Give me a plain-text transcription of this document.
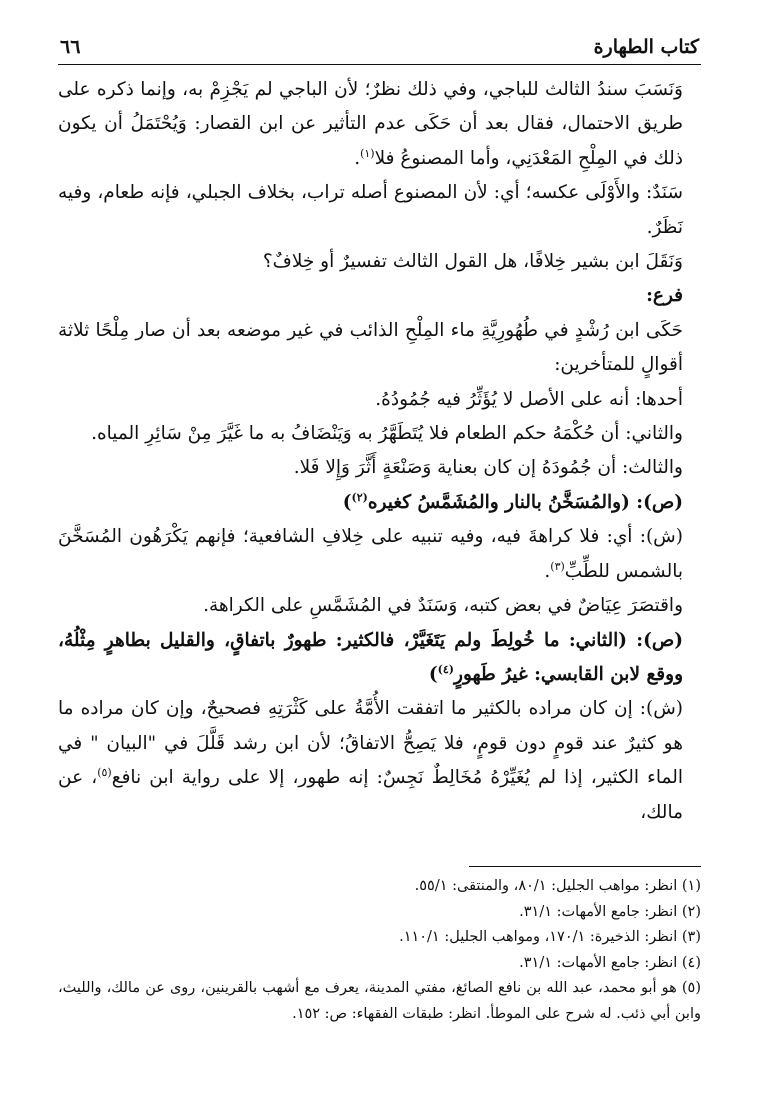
كتاب الطهارة
٦٦

وَنَسَبَ سندُ الثالث للباجي، وفي ذلك نظرٌ؛ لأن الباجي لم يَجْزِمْ به، وإنما ذكره على طريق الاحتمال، فقال بعد أن حَكَى عدم التأثير عن ابن القصار: وَيُحْتَمَلُ أن يكون ذلك في المِلْحِ المَعْدَنِي، وأما المصنوعُ فلا$^{(١)}$.

سَنَدٌ: والأَوْلَى عكسه؛ أي: لأن المصنوع أصله تراب، بخلاف الجبلي، فإنه طعام، وفيه نَظَرٌ.

وَنَقَلَ ابن بشير خِلافًا، هل القول الثالث تفسيرٌ أو خِلافٌ؟

فرع:

حَكَى ابن رُشْدٍ في طُهُورِيَّةِ ماء المِلْحِ الذائب في غير موضعه بعد أن صار مِلْحًا ثلاثة أقوالٍ للمتأخرين:

أحدها: أنه على الأصل لا يُؤَثِّرُ فيه جُمُودُهُ.

والثاني: أن حُكْمَهُ حكم الطعام فلا يُتَطَهَّرُ به وَيَنْضَافُ به ما غَيَّرَ مِنْ سَائِرِ المياه.

والثالث: أن جُمُودَهُ إن كان بعناية وَصَنْعَةٍ أَثَّرَ وَإِلا فَلا.

(ص): (والمُسَخَّنُ بالنار والمُشَمَّسُ كغيره$^{(٢)}$)

(ش): أي: فلا كراهةَ فيه، وفيه تنبيه على خِلافِ الشافعية؛ فإنهم يَكْرَهُون المُسَخَّنَ بالشمس للطِّبِّ$^{(٣)}$.

واقتصَرَ عِيَاضٌ في بعض كتبه، وَسَنَدٌ في المُشَمَّسِ على الكراهة.

(ص): (الثاني: ما خُولِطَ ولم يَتَغَيَّرْ، فالكثير: طهورٌ باتفاقٍ، والقليل بطاهرٍ مِثْلُهُ، ووقع لابن القابسي: غيرُ طَهورٍ$^{(٤)}$)

(ش): إن كان مراده بالكثير ما اتفقت الأُمَّةُ على كَثْرَتِهِ فصحيحٌ، وإن كان مراده ما هو كثيرٌ عند قومٍ دون قومٍ، فلا يَصِحُّ الاتفاقُ؛ لأن ابن رشد قَلَّلَ في "البيان " في الماء الكثير، إذا لم يُغَيِّرْهُ مُخَالِطٌ نَجِسٌ: إنه طهور، إلا على رواية ابن نافع$^{(٥)}$، عن مالك،

(١) انظر: مواهب الجليل: ٨٠/١، والمنتقى: ٥٥/١.

(٢) انظر: جامع الأمهات: ٣١/١.

(٣) انظر: الذخيرة: ١٧٠/١، ومواهب الجليل: ١١٠/١.

(٤) انظر: جامع الأمهات: ٣١/١.

(٥) هو أبو محمد، عبد الله بن نافع الصائغ، مفتي المدينة، يعرف مع أشهب بالقرينين، روى عن مالك، والليث، وابن أبي ذئب. له شرح على الموطأ. انظر: طبقات الفقهاء: ص: ١٥٢.
